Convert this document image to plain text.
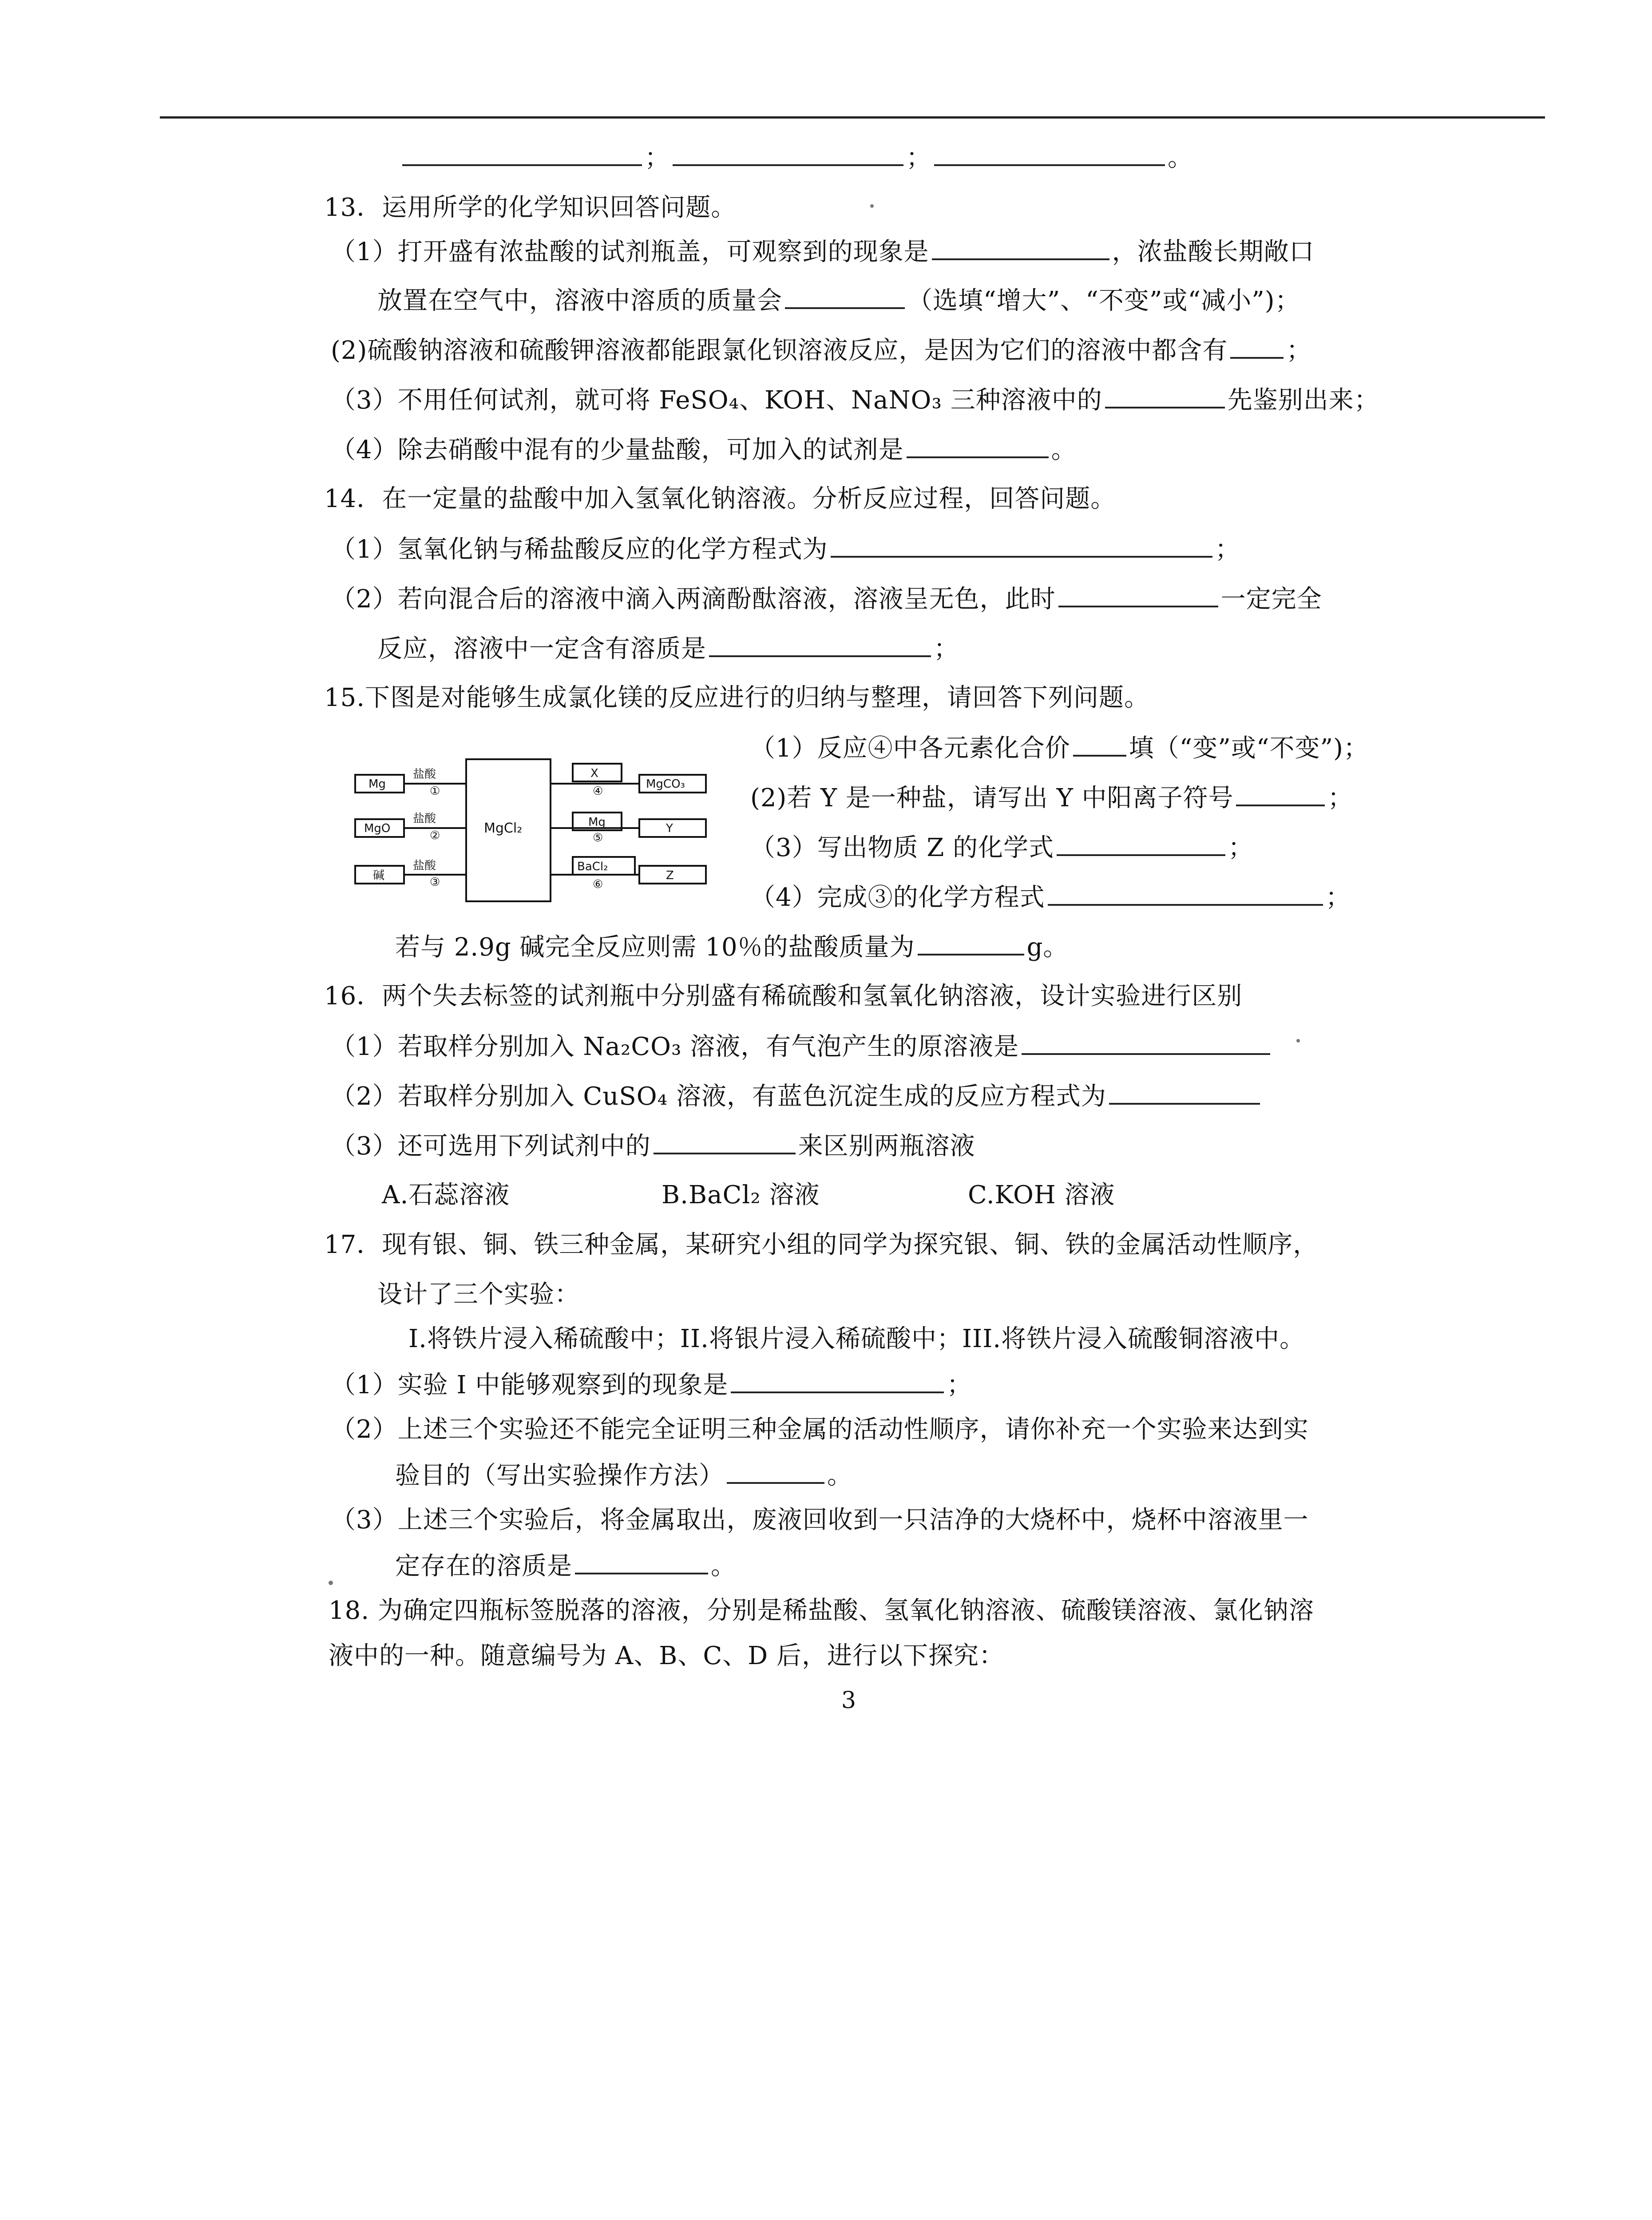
；	；	。
13．运用所学的化学知识回答问题。
（1）打开盛有浓盐酸的试剂瓶盖，可观察到的现象是	，浓盐酸长期敞口
放置在空气中，溶液中溶质的质量会	（选填“增大”、“不变”或“减小”)；
(2)硫酸钠溶液和硫酸钾溶液都能跟氯化钡溶液反应，是因为它们的溶液中都含有 ；
（3）不用任何试剂，就可将 FeSO₄、KOH、NaNO₃ 三种溶液中的	先鉴别出来；
（4）除去硝酸中混有的少量盐酸，可加入的试剂是	。
14．在一定量的盐酸中加入氢氧化钠溶液。分析反应过程，回答问题。
（1）氢氧化钠与稀盐酸反应的化学方程式为	；
（2）若向混合后的溶液中滴入两滴酚酞溶液，溶液呈无色，此时	一定完全
反应，溶液中一定含有溶质是	；
15.下图是对能够生成氯化镁的反应进行的归纳与整理，请回答下列问题。
Mg
MgO
碱
MgCl₂
盐酸
盐酸
盐酸
①
②
③
X
Mg
BaCl₂
④
⑤
⑥
MgCO₃
Y
Z
（1）反应④中各元素化合价 填（“变”或“不变”)；
(2)若 Y 是一种盐，请写出 Y 中阳离子符号	；
（3）写出物质 Z 的化学式	；
（4）完成③的化学方程式	；
若与 2.9g 碱完全反应则需 10％的盐酸质量为	g。
16．两个失去标签的试剂瓶中分别盛有稀硫酸和氢氧化钠溶液，设计实验进行区别
（1）若取样分别加入 Na₂CO₃ 溶液，有气泡产生的原溶液是
（2）若取样分别加入 CuSO₄ 溶液，有蓝色沉淀生成的反应方程式为
（3）还可选用下列试剂中的	来区别两瓶溶液
A.石蕊溶液	B.BaCl₂ 溶液	C.KOH 溶液
17．现有银、铜、铁三种金属，某研究小组的同学为探究银、铜、铁的金属活动性顺序，
设计了三个实验：
I.将铁片浸入稀硫酸中；II.将银片浸入稀硫酸中；III.将铁片浸入硫酸铜溶液中。
（1）实验 I 中能够观察到的现象是	；
（2）上述三个实验还不能完全证明三种金属的活动性顺序，请你补充一个实验来达到实
验目的（写出实验操作方法）	。
（3）上述三个实验后，将金属取出，废液回收到一只洁净的大烧杯中，烧杯中溶液里一
定存在的溶质是	。
18. 为确定四瓶标签脱落的溶液，分别是稀盐酸、氢氧化钠溶液、硫酸镁溶液、氯化钠溶
液中的一种。随意编号为 A、B、C、D 后，进行以下探究：
3
